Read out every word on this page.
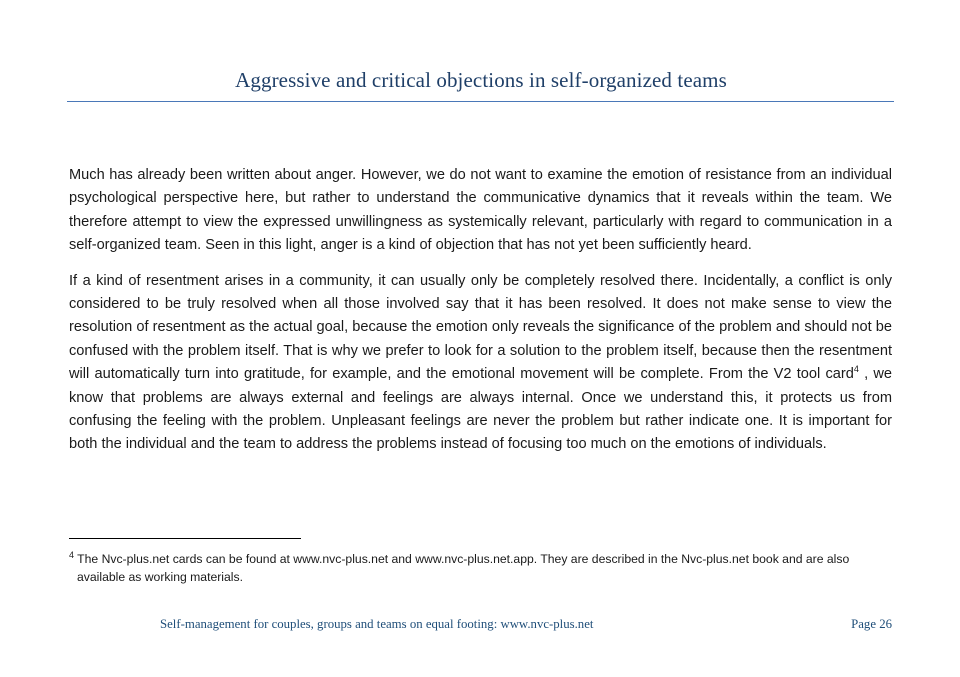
Aggressive and critical objections in self-organized teams

Much has already been written about anger. However, we do not want to examine the emotion of resistance from an individual psychological perspective here, but rather to understand the communicative dynamics that it reveals within the team. We therefore attempt to view the expressed unwillingness as systemically relevant, particularly with regard to communication in a self-organized team. Seen in this light, anger is a kind of objection that has not yet been sufficiently heard.

If a kind of resentment arises in a community, it can usually only be completely resolved there. Incidentally, a conflict is only considered to be truly resolved when all those involved say that it has been resolved. It does not make sense to view the resolution of resentment as the actual goal, because the emotion only reveals the significance of the problem and should not be confused with the problem itself. That is why we prefer to look for a solution to the problem itself, because then the resentment will automatically turn into gratitude, for example, and the emotional movement will be complete. From the V2 tool card$^4$ , we know that problems are always external and feelings are always internal. Once we understand this, it protects us from confusing the feeling with the problem. Unpleasant feelings are never the problem but rather indicate one. It is important for both the individual and the team to address the problems instead of focusing too much on the emotions of individuals.

$^4$ The Nvc-plus.net cards can be found at www.nvc-plus.net and www.nvc-plus.net.app. They are described in the Nvc-plus.net book and are also available as working materials.
Self-management for couples, groups and teams on equal footing: www.nvc-plus.net	Page 26
